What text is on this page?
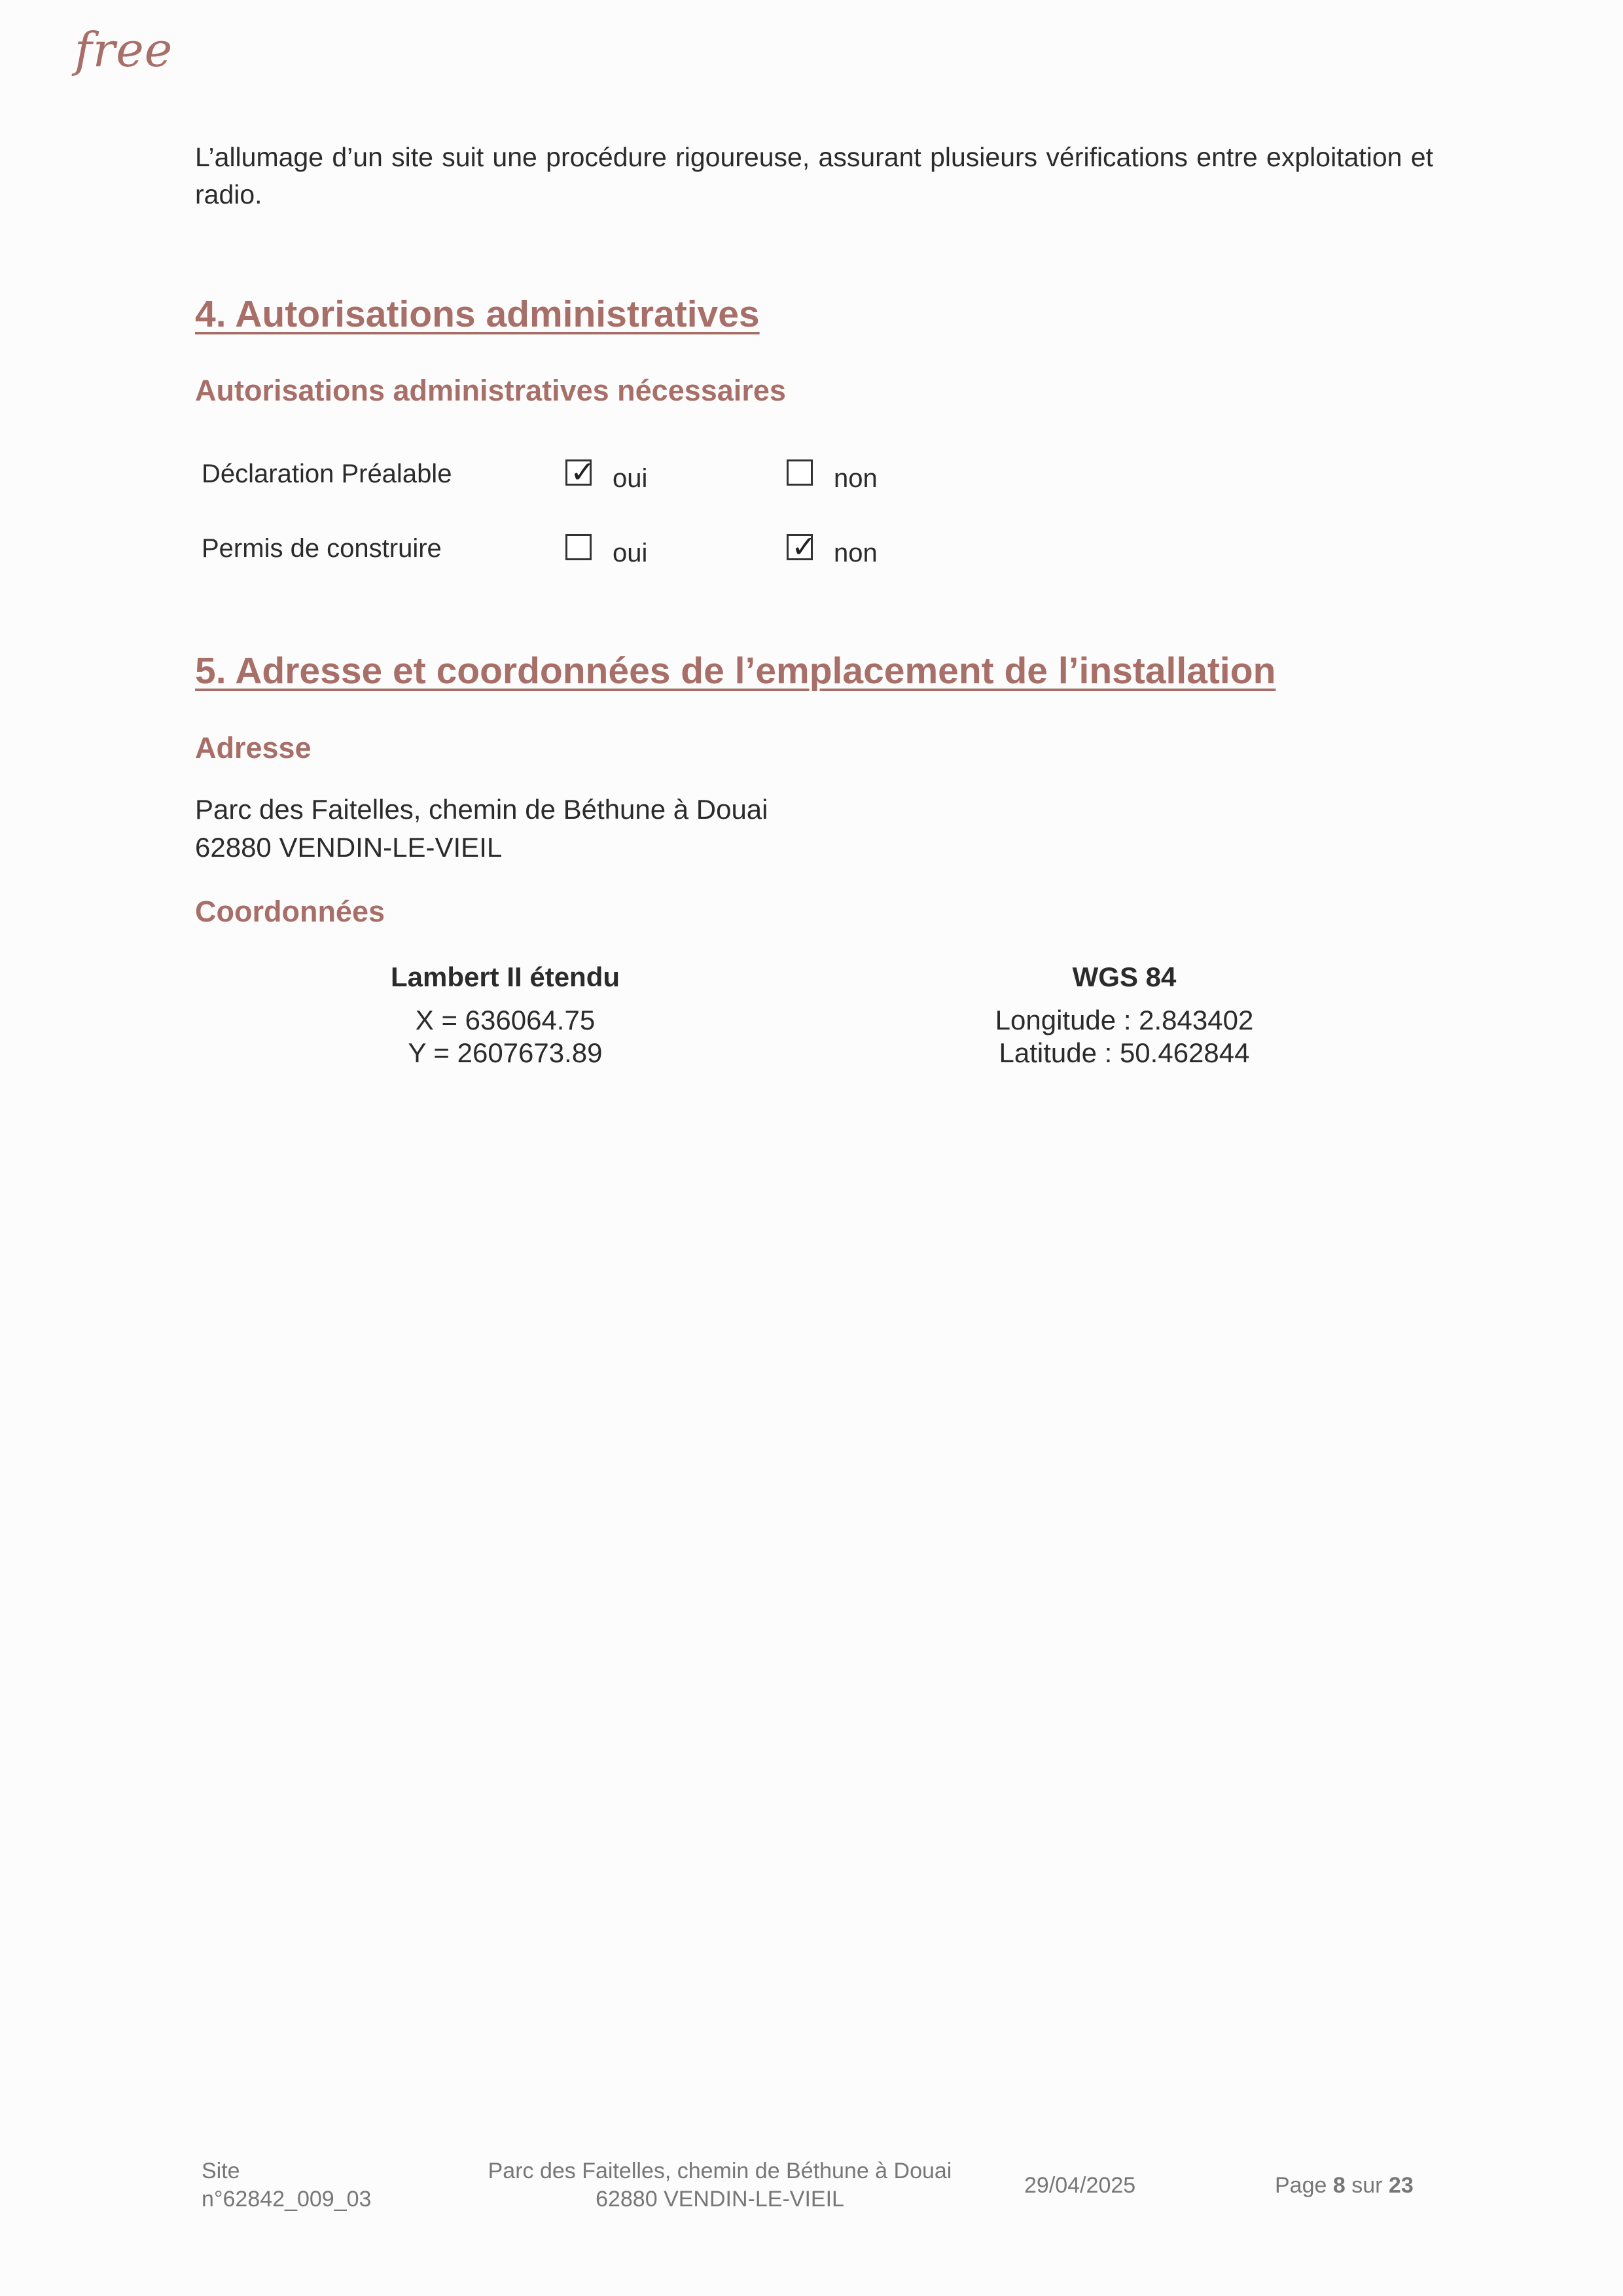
free

L’allumage d’un site suit une procédure rigoureuse, assurant plusieurs vérifications entre exploitation et radio.

4. Autorisations administratives
Autorisations administratives nécessaires
Déclaration Préalable	✓ oui	non
Permis de construire	oui	✓ non
5. Adresse et coordonnées de l’emplacement de l’installation
Adresse
Parc des Faitelles, chemin de Béthune à Douai
62880 VENDIN-LE-VIEIL
Coordonnées
Lambert II étendu
X = 636064.75
Y = 2607673.89
WGS 84
Longitude : 2.843402
Latitude : 50.462844
Site
n°62842_009_03
Parc des Faitelles, chemin de Béthune à Douai
62880 VENDIN-LE-VIEIL
29/04/2025	Page 8 sur 23
